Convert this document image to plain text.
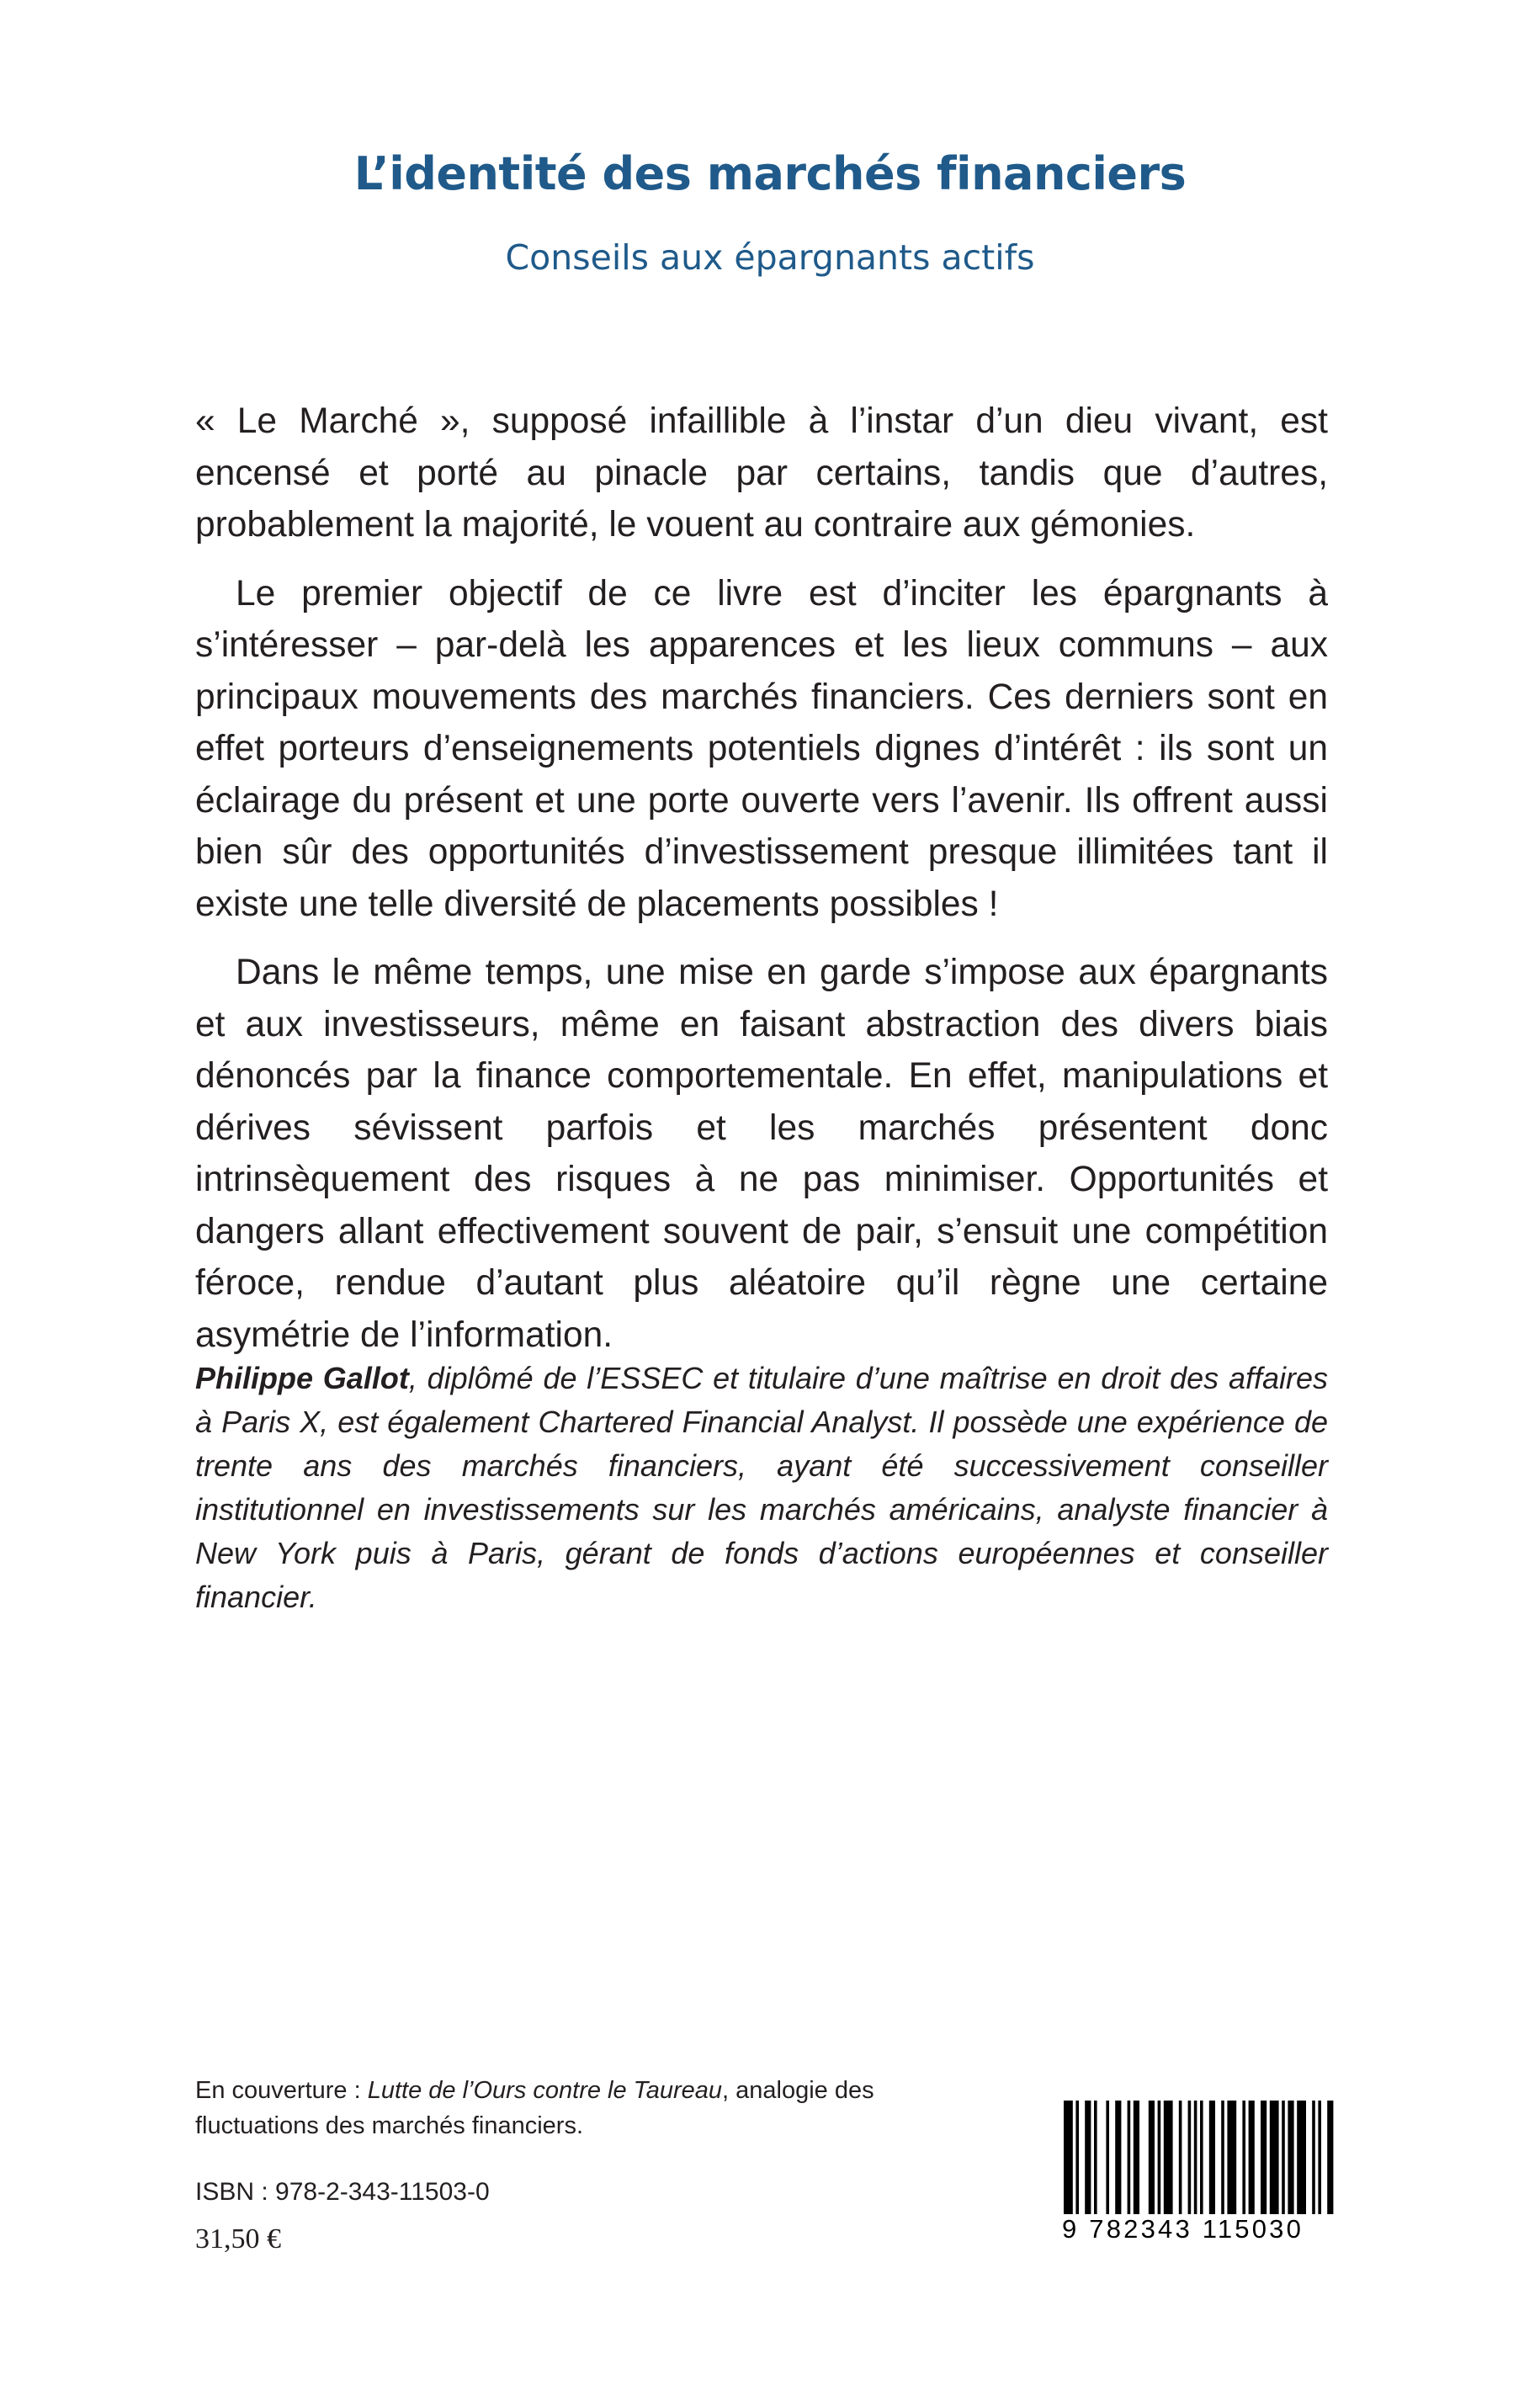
L’identité des marchés financiers
Conseils aux épargnants actifs

« Le Marché », supposé infaillible à l’instar d’un dieu vivant, est encensé et porté au pinacle par certains, tandis que d’autres, probablement la majorité, le vouent au contraire aux gémonies.

Le premier objectif de ce livre est d’inciter les épargnants à s’intéresser – par-delà les apparences et les lieux communs – aux principaux mouvements des marchés financiers. Ces derniers sont en effet porteurs d’enseignements potentiels dignes d’intérêt : ils sont un éclairage du présent et une porte ouverte vers l’avenir. Ils offrent aussi bien sûr des opportunités d’investissement presque illimitées tant il existe une telle diversité de placements possibles !

Dans le même temps, une mise en garde s’impose aux épargnants et aux investisseurs, même en faisant abstraction des divers biais dénoncés par la finance comportementale. En effet, manipulations et dérives sévissent parfois et les marchés présentent donc intrinsèquement des risques à ne pas minimiser. Opportunités et dangers allant effectivement souvent de pair, s’ensuit une compétition féroce, rendue d’autant plus aléatoire qu’il règne une certaine asymétrie de l’information.

Philippe Gallot, diplômé de l’ESSEC et titulaire d’une maîtrise en droit des affaires à Paris X, est également Chartered Financial Analyst. Il possède une expérience de trente ans des marchés financiers, ayant été successivement conseiller institutionnel en investissements sur les marchés américains, analyste financier à New York puis à Paris, gérant de fonds d’actions européennes et conseiller financier.
En couverture : Lutte de l’Ours contre le Taureau, analogie des fluctuations des marchés financiers.
ISBN : 978-2-343-11503-0
31,50 €	9 782343 115030
